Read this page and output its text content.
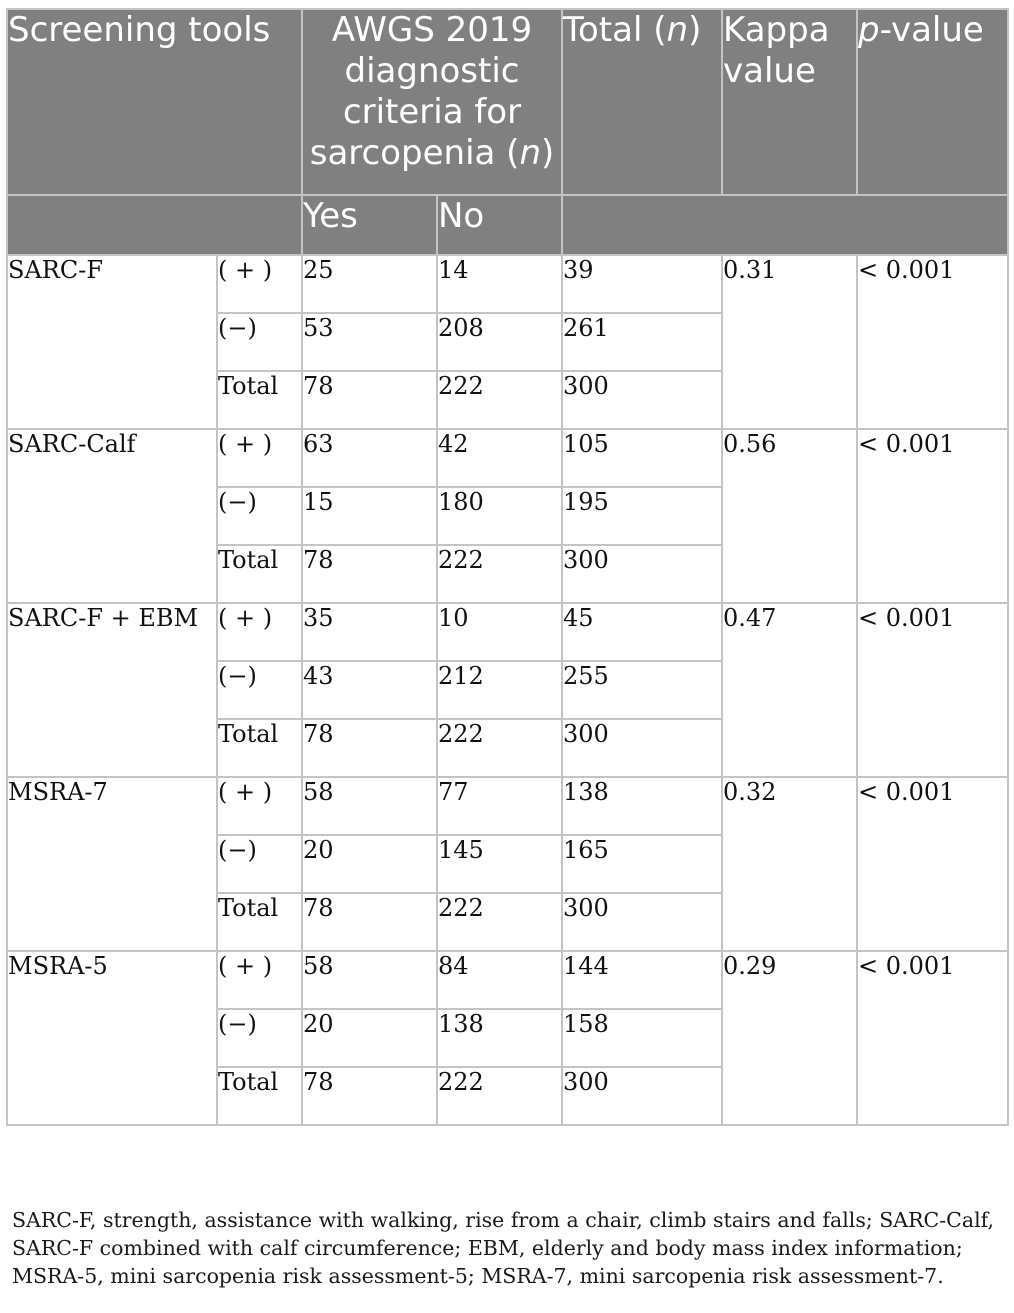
Screening tools		AWGS 2019
diagnostic
criteria for
sarcopenia (n)		Total (n)	Kappa
value	p-value
		Yes	No			
SARC-F	( + )	25	14	39	0.31	< 0.001
	(−)	53	208	261		
	Total	78	222	300		
SARC-Calf	( + )	63	42	105	0.56	< 0.001
	(−)	15	180	195		
	Total	78	222	300		
SARC-F + EBM	( + )	35	10	45	0.47	< 0.001
	(−)	43	212	255		
	Total	78	222	300		
MSRA-7	( + )	58	77	138	0.32	< 0.001
	(−)	20	145	165		
	Total	78	222	300		
MSRA-5	( + )	58	84	144	0.29	< 0.001
	(−)	20	138	158		
	Total	78	222	300		

SARC-F, strength, assistance with walking, rise from a chair, climb stairs and falls; SARC-Calf,
SARC-F combined with calf circumference; EBM, elderly and body mass index information;
MSRA-5, mini sarcopenia risk assessment-5; MSRA-7, mini sarcopenia risk assessment-7.
